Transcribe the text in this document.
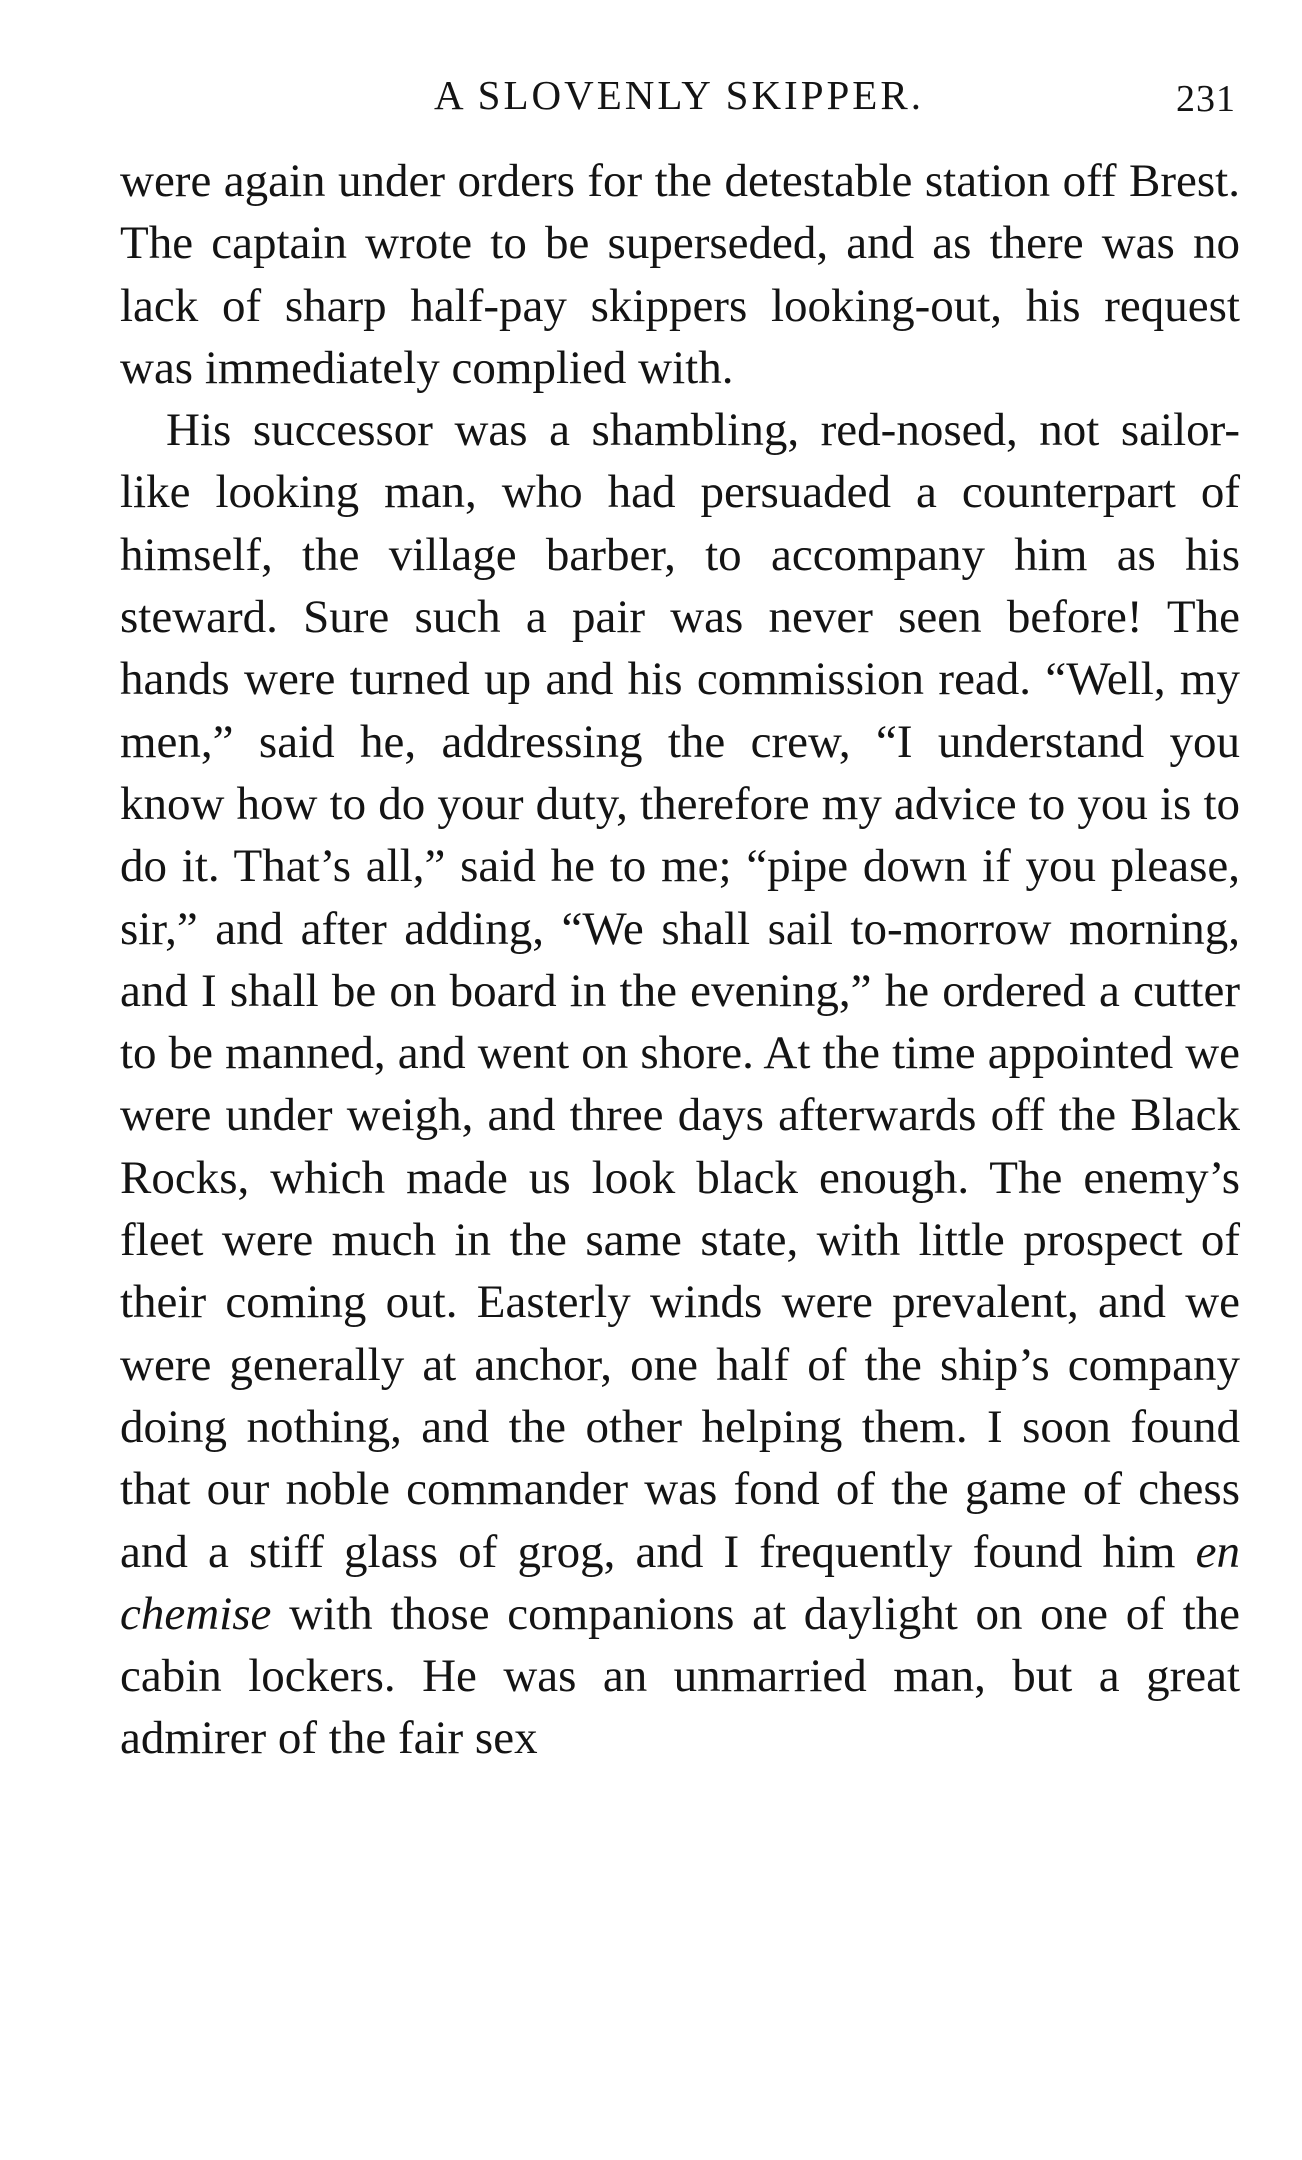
A SLOVENLY SKIPPER.	231

were again under orders for the detestable station off Brest. The captain wrote to be superseded, and as there was no lack of sharp half-pay skippers looking-out, his request was immediately complied with.

His successor was a shambling, red-nosed, not sailor-like looking man, who had persuaded a counterpart of himself, the village barber, to accompany him as his steward. Sure such a pair was never seen before! The hands were turned up and his commission read. “Well, my men,” said he, addressing the crew, “I understand you know how to do your duty, therefore my advice to you is to do it. That’s all,” said he to me; “pipe down if you please, sir,” and after adding, “We shall sail to-morrow morning, and I shall be on board in the evening,” he ordered a cutter to be manned, and went on shore. At the time appointed we were under weigh, and three days afterwards off the Black Rocks, which made us look black enough. The enemy’s fleet were much in the same state, with little prospect of their coming out. Easterly winds were prevalent, and we were generally at anchor, one half of the ship’s company doing nothing, and the other helping them. I soon found that our noble commander was fond of the game of chess and a stiff glass of grog, and I frequently found him en chemise with those companions at daylight on one of the cabin lockers. He was an unmarried man, but a great admirer of the fair sex
